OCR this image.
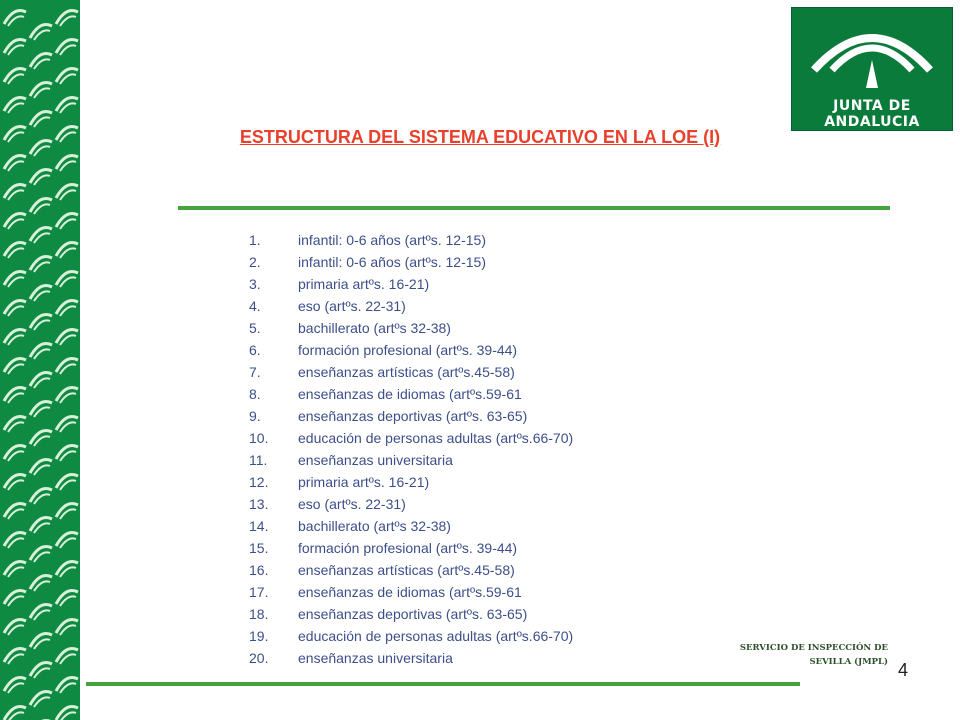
JUNTA DE ANDALUCIA
ESTRUCTURA DEL SISTEMA EDUCATIVO EN LA LOE (I)
1.	infantil: 0-6 años (artºs. 12-15)
2.	infantil: 0-6 años (artºs. 12-15)
3.	primaria artºs. 16-21)
4.	eso (artºs. 22-31)
5.	bachillerato (artºs 32-38)
6.	formación profesional (artºs. 39-44)
7.	enseñanzas artísticas (artºs.45-58)
8.	enseñanzas de idiomas (artºs.59-61
9.	enseñanzas deportivas (artºs. 63-65)
10.	educación de personas adultas (artºs.66-70)
11.	enseñanzas universitaria
12.	primaria artºs. 16-21)
13.	eso (artºs. 22-31)
14.	bachillerato (artºs 32-38)
15.	formación profesional (artºs. 39-44)
16.	enseñanzas artísticas (artºs.45-58)
17.	enseñanzas de idiomas (artºs.59-61
18.	enseñanzas deportivas (artºs. 63-65)
19.	educación de personas adultas (artºs.66-70)
20.	enseñanzas universitaria
SERVICIO DE INSPECCIÓN DE
SEVILLA (JMPL) 4
